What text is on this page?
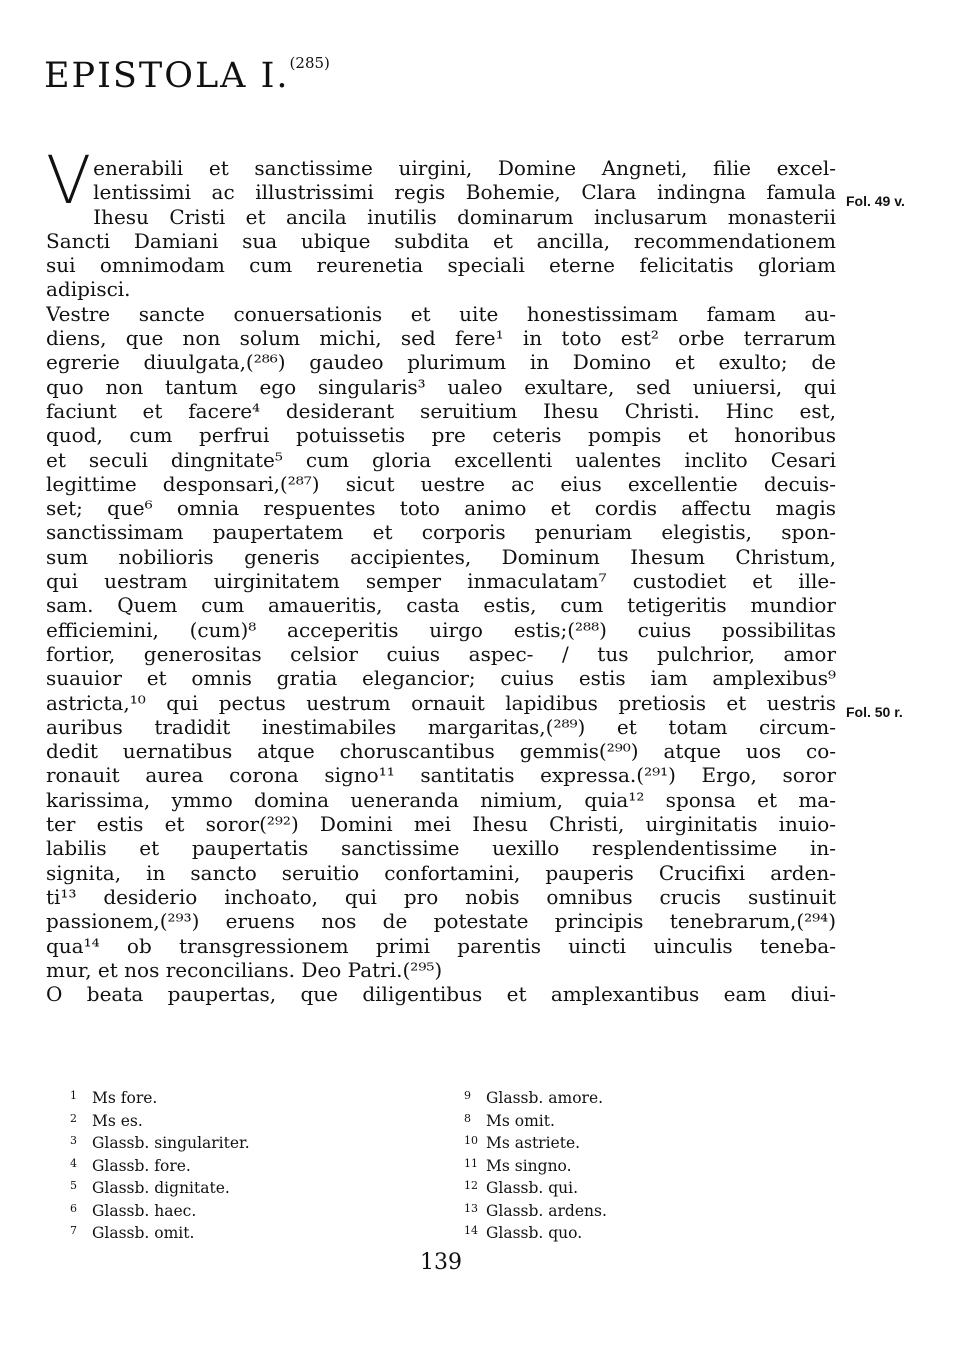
EPISTOLA I.$^{(285)}$
Fol. 49 v.
Fol. 50 r.
Venerabili et sanctissime uirgini, Domine Angneti, filie excel-
lentissimi ac illustrissimi regis Bohemie, Clara indingna famula
Ihesu Cristi et ancila inutilis dominarum inclusarum monasterii
Sancti Damiani sua ubique subdita et ancilla, recommendationem
sui omnimodam cum reurenetia speciali eterne felicitatis gloriam
adipisci.
Vestre sancte conuersationis et uite honestissimam famam au-
diens, que non solum michi, sed fere¹ in toto est² orbe terrarum
egrerie diuulgata,(²⁸⁶) gaudeo plurimum in Domino et exulto; de
quo non tantum ego singularis³ ualeo exultare, sed uniuersi, qui
faciunt et facere⁴ desiderant seruitium Ihesu Christi. Hinc est,
quod, cum perfrui potuissetis pre ceteris pompis et honoribus
et seculi dingnitate⁵ cum gloria excellenti ualentes inclito Cesari
legittime desponsari,(²⁸⁷) sicut uestre ac eius excellentie decuis-
set; que⁶ omnia respuentes toto animo et cordis affectu magis
sanctissimam paupertatem et corporis penuriam elegistis, spon-
sum nobilioris generis accipientes, Dominum Ihesum Christum,
qui uestram uirginitatem semper inmaculatam⁷ custodiet et ille-
sam. Quem cum amaueritis, casta estis, cum tetigeritis mundior
efficiemini, (cum)⁸ acceperitis uirgo estis;(²⁸⁸) cuius possibilitas
fortior, generositas celsior cuius aspec- / tus pulchrior, amor
suauior et omnis gratia elegancior; cuius estis iam amplexibus⁹
astricta,¹⁰ qui pectus uestrum ornauit lapidibus pretiosis et uestris
auribus tradidit inestimabiles margaritas,(²⁸⁹) et totam circum-
dedit uernatibus atque choruscantibus gemmis(²⁹⁰) atque uos co-
ronauit aurea corona signo¹¹ santitatis expressa.(²⁹¹) Ergo, soror
karissima, ymmo domina ueneranda nimium, quia¹² sponsa et ma-
ter estis et soror(²⁹²) Domini mei Ihesu Christi, uirginitatis inuio-
labilis et paupertatis sanctissime uexillo resplendentissime in-
signita, in sancto seruitio confortamini, pauperis Crucifixi arden-
ti¹³ desiderio inchoato, qui pro nobis omnibus crucis sustinuit
passionem,(²⁹³) eruens nos de potestate principis tenebrarum,(²⁹⁴)
qua¹⁴ ob transgressionem primi parentis uincti uinculis teneba-
mur, et nos reconcilians. Deo Patri.(²⁹⁵)
O beata paupertas, que diligentibus et amplexantibus eam diui-
1 Ms fore.
2 Ms es.
3 Glassb. singulariter.
4 Glassb. fore.
5 Glassb. dignitate.
6 Glassb. haec.
7 Glassb. omit.
9 Glassb. amore.
8 Ms omit.
10 Ms astriete.
11 Ms singno.
12 Glassb. qui.
13 Glassb. ardens.
14 Glassb. quo.
139
